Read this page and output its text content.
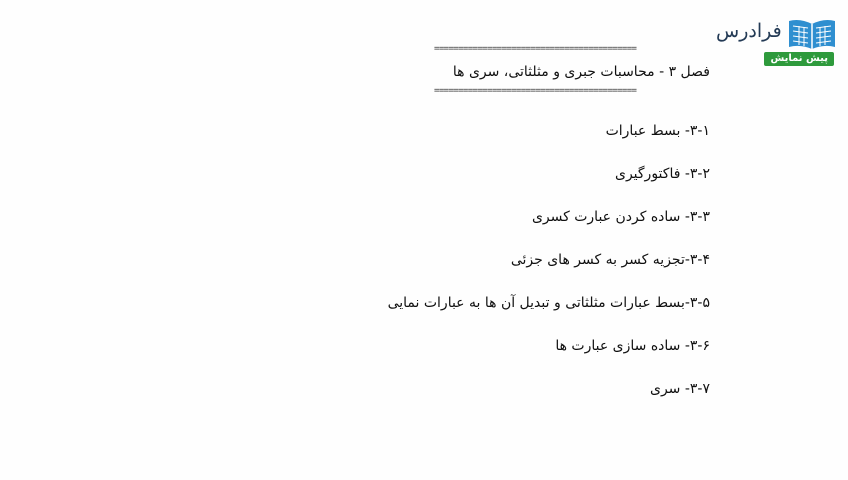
فرادرس
پیش نمایش
==========================================
فصل ۳ - محاسبات جبری و مثلثاتی، سری ها
==========================================
۳-۱- بسط عبارات
۳-۲- فاکتورگیری
۳-۳- ساده کردن عبارت کسری
۳-۴-تجزیه کسر به کسر های جزئی
۳-۵-بسط عبارات مثلثاتی و تبدیل آن ها به عبارات نمایی
۳-۶- ساده سازی عبارت ها
۳-۷- سری
